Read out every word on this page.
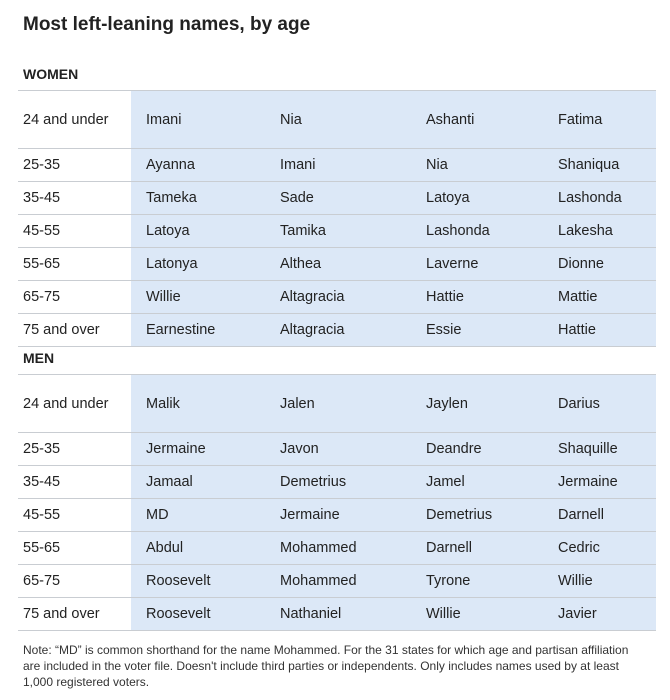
Most left-leaning names, by age
WOMEN
24 and under	Imani	Nia	Ashanti	Fatima
25-35	Ayanna	Imani	Nia	Shaniqua
35-45	Tameka	Sade	Latoya	Lashonda
45-55	Latoya	Tamika	Lashonda	Lakesha
55-65	Latonya	Althea	Laverne	Dionne
65-75	Willie	Altagracia	Hattie	Mattie
75 and over	Earnestine	Altagracia	Essie	Hattie
MEN
24 and under	Malik	Jalen	Jaylen	Darius
25-35	Jermaine	Javon	Deandre	Shaquille
35-45	Jamaal	Demetrius	Jamel	Jermaine
45-55	MD	Jermaine	Demetrius	Darnell
55-65	Abdul	Mohammed	Darnell	Cedric
65-75	Roosevelt	Mohammed	Tyrone	Willie
75 and over	Roosevelt	Nathaniel	Willie	Javier
Note: “MD” is common shorthand for the name Mohammed. For the 31 states for which age and partisan affiliation are included in the voter file. Doesn't include third parties or independents. Only includes names used by at least 1,000 registered voters.
